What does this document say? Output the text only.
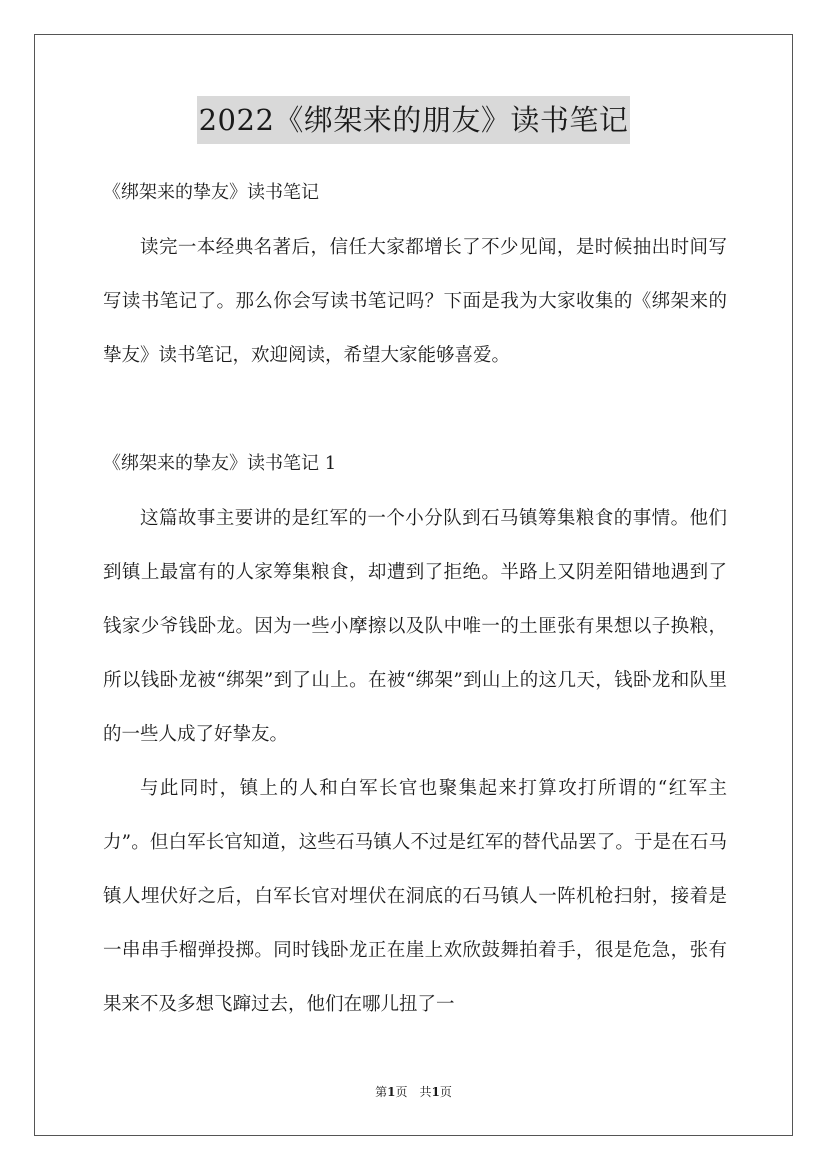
2022《绑架来的朋友》读书笔记

《绑架来的挚友》读书笔记

读完一本经典名著后，信任大家都增长了不少见闻，是时候抽出时间写写读书笔记了。那么你会写读书笔记吗？下面是我为大家收集的《绑架来的挚友》读书笔记，欢迎阅读，希望大家能够喜爱。

《绑架来的挚友》读书笔记 1

这篇故事主要讲的是红军的一个小分队到石马镇筹集粮食的事情。他们到镇上最富有的人家筹集粮食，却遭到了拒绝。半路上又阴差阳错地遇到了钱家少爷钱卧龙。因为一些小摩擦以及队中唯一的土匪张有果想以子换粮，所以钱卧龙被“绑架”到了山上。在被“绑架”到山上的这几天，钱卧龙和队里的一些人成了好挚友。

与此同时，镇上的人和白军长官也聚集起来打算攻打所谓的“红军主力”。但白军长官知道，这些石马镇人不过是红军的替代品罢了。于是在石马镇人埋伏好之后，白军长官对埋伏在洞底的石马镇人一阵机枪扫射，接着是一串串手榴弹投掷。同时钱卧龙正在崖上欢欣鼓舞拍着手，很是危急，张有果来不及多想飞蹿过去，他们在哪儿扭了一

第1页　共1页
